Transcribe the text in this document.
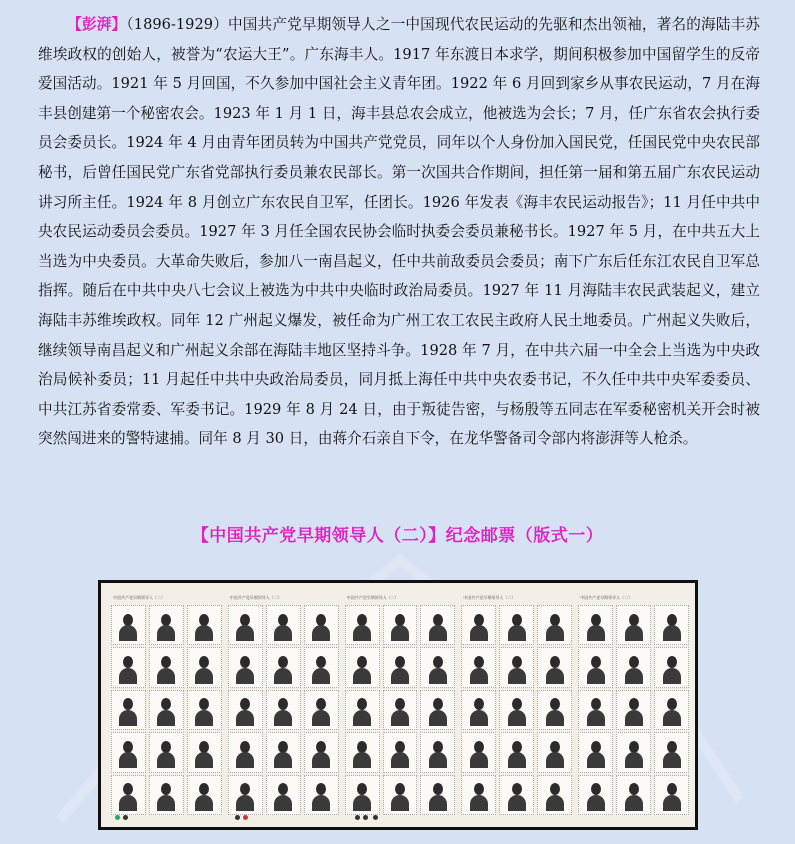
【彭湃】（1896-1929）中国共产党早期领导人之一中国现代农民运动的先驱和杰出领袖，著名的海陆丰苏维埃政权的创始人，被誉为“农运大王”。广东海丰人。1917 年东渡日本求学，期间积极参加中国留学生的反帝爱国活动。1921 年 5 月回国，不久参加中国社会主义青年团。1922 年 6 月回到家乡从事农民运动，7 月在海丰县创建第一个秘密农会。1923 年 1 月 1 日，海丰县总农会成立，他被选为会长；7 月，任广东省农会执行委员会委员长。1924 年 4 月由青年团员转为中国共产党党员，同年以个人身份加入国民党，任国民党中央农民部秘书，后曾任国民党广东省党部执行委员兼农民部长。第一次国共合作期间，担任第一届和第五届广东农民运动讲习所主任。1924 年 8 月创立广东农民自卫军，任团长。1926 年发表《海丰农民运动报告》；11 月任中共中央农民运动委员会委员。1927 年 3 月任全国农民协会临时执委会委员兼秘书长。1927 年 5 月，在中共五大上当选为中央委员。大革命失败后，参加八一南昌起义，任中共前敌委员会委员；南下广东后任东江农民自卫军总指挥。随后在中共中央八七会议上被选为中共中央临时政治局委员。1927 年 11 月海陆丰农民武装起义，建立海陆丰苏维埃政权。同年 12 广州起义爆发，被任命为广州工农工农民主政府人民土地委员。广州起义失败后，继续领导南昌起义和广州起义余部在海陆丰地区坚持斗争。1928 年 7 月，在中共六届一中全会上当选为中央政治局候补委员；11 月起任中共中央政治局委员，同月抵上海任中共中央农委书记，不久任中共中央军委委员、中共江苏省委常委、军委书记。1929 年 8 月 24 日，由于叛徒告密，与杨殷等五同志在军委秘密机关开会时被突然闯进来的警特逮捕。同年 8 月 30 日，由蒋介石亲自下令，在龙华警备司令部内将澎湃等人枪杀。
【中国共产党早期领导人（二）】纪念邮票（版式一）
中国共产党早期领导人（二）	中国共产党早期领导人（二）	中国共产党早期领导人（二）	中国共产党早期领导人（二）	中国共产党早期领导人（二）
